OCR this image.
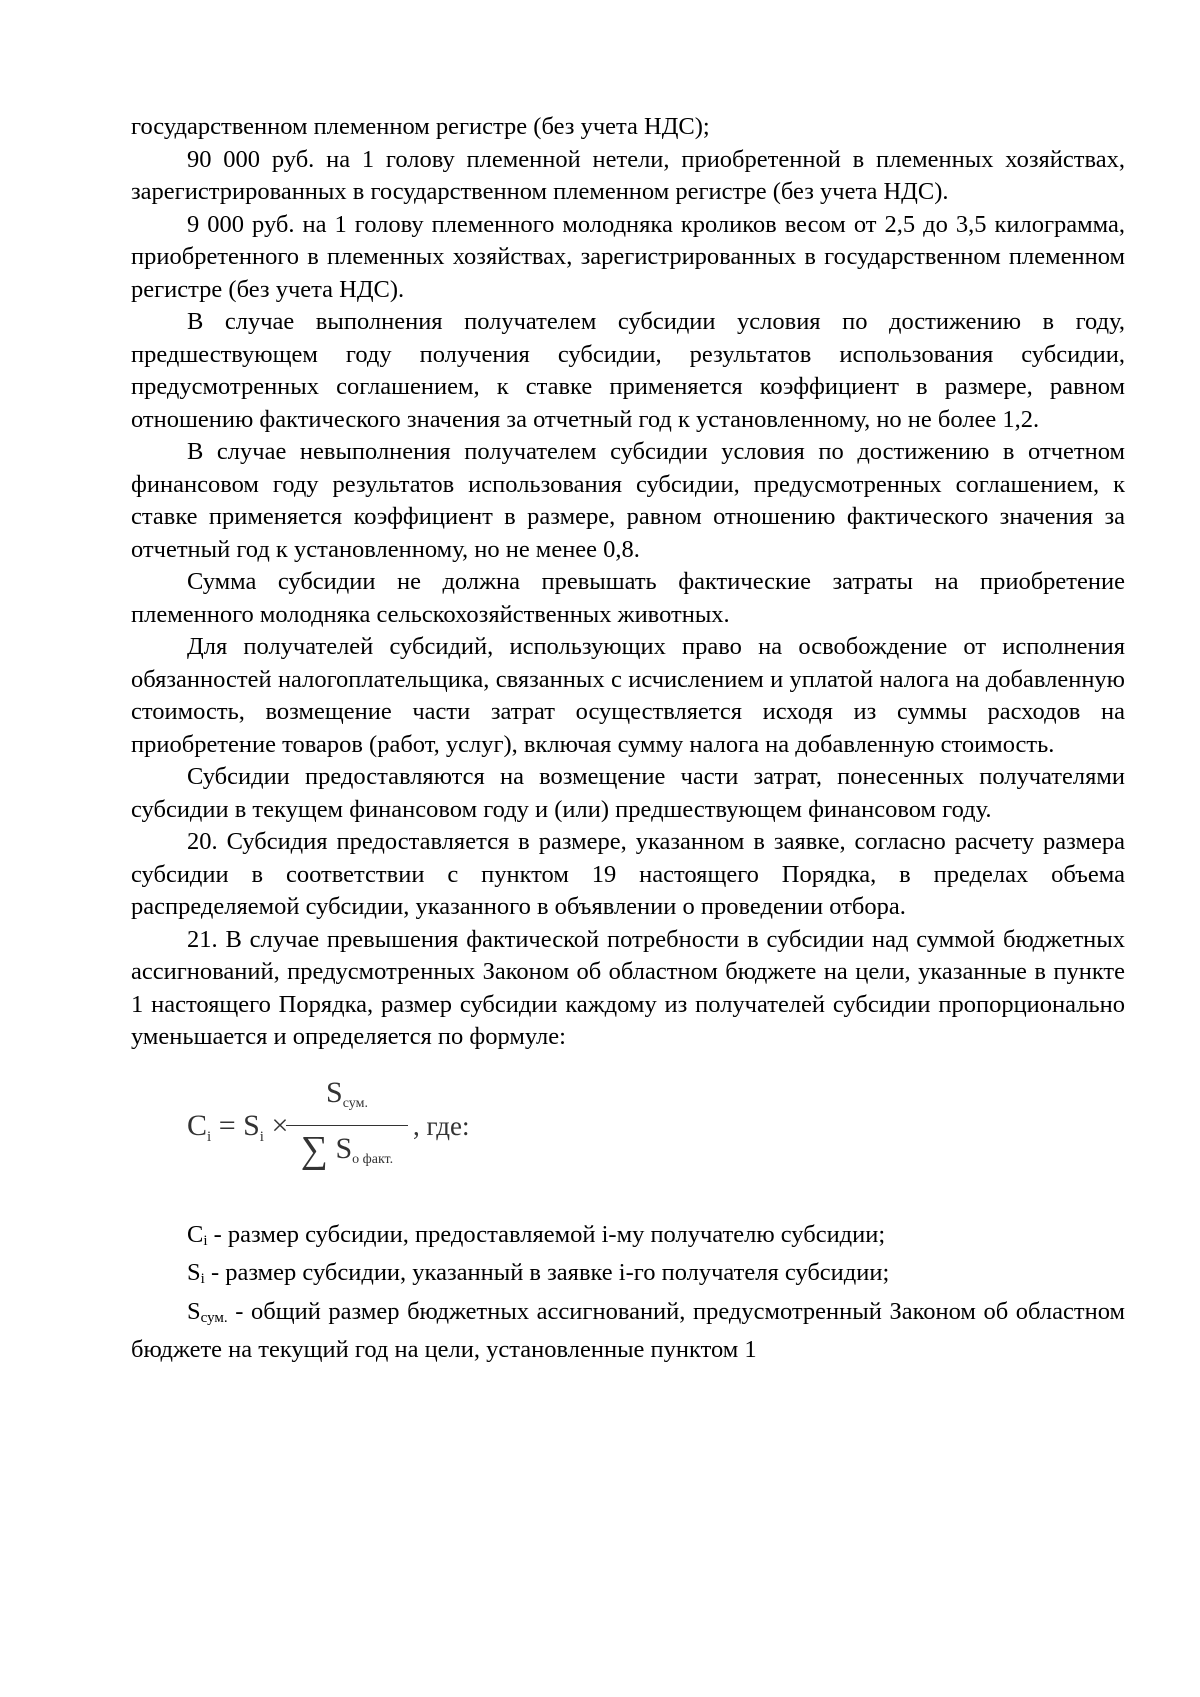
государственном племенном регистре (без учета НДС);

90 000 руб. на 1 голову племенной нетели, приобретенной в племенных хозяйствах, зарегистрированных в государственном племенном регистре (без учета НДС).

9 000 руб. на 1 голову племенного молодняка кроликов весом от 2,5 до 3,5 килограмма, приобретенного в племенных хозяйствах, зарегистрированных в государственном племенном регистре (без учета НДС).

В случае выполнения получателем субсидии условия по достижению в году, предшествующем году получения субсидии, результатов использования субсидии, предусмотренных соглашением, к ставке применяется коэффициент в размере, равном отношению фактического значения за отчетный год к установленному, но не более 1,2.

В случае невыполнения получателем субсидии условия по достижению в отчетном финансовом году результатов использования субсидии, предусмотренных соглашением, к ставке применяется коэффициент в размере, равном отношению фактического значения за отчетный год к установленному, но не менее 0,8.

Сумма субсидии не должна превышать фактические затраты на приобретение племенного молодняка сельскохозяйственных животных.

Для получателей субсидий, использующих право на освобождение от исполнения обязанностей налогоплательщика, связанных с исчислением и уплатой налога на добавленную стоимость, возмещение части затрат осуществляется исходя из суммы расходов на приобретение товаров (работ, услуг), включая сумму налога на добавленную стоимость.

Субсидии предоставляются на возмещение части затрат, понесенных получателями субсидии в текущем финансовом году и (или) предшествующем финансовом году.

20. Субсидия предоставляется в размере, указанном в заявке, согласно расчету размера субсидии в соответствии с пунктом 19 настоящего Порядка, в пределах объема распределяемой субсидии, указанного в объявлении о проведении отбора.

21. В случае превышения фактической потребности в субсидии над суммой бюджетных ассигнований, предусмотренных Законом об областном бюджете на цели, указанные в пункте 1 настоящего Порядка, размер субсидии каждому из получателей субсидии пропорционально уменьшается и определяется по формуле:

$C_i = S_i$ ×
$S_{сум.}$
∑ $S_{о факт.}$
, где:

$C_i$ - размер субсидии, предоставляемой i-му получателю субсидии;

$S_i$ - размер субсидии, указанный в заявке i-го получателя субсидии;

$S_{сум.}$ - общий размер бюджетных ассигнований, предусмотренный Законом об областном бюджете на текущий год на цели, установленные пунктом 1
